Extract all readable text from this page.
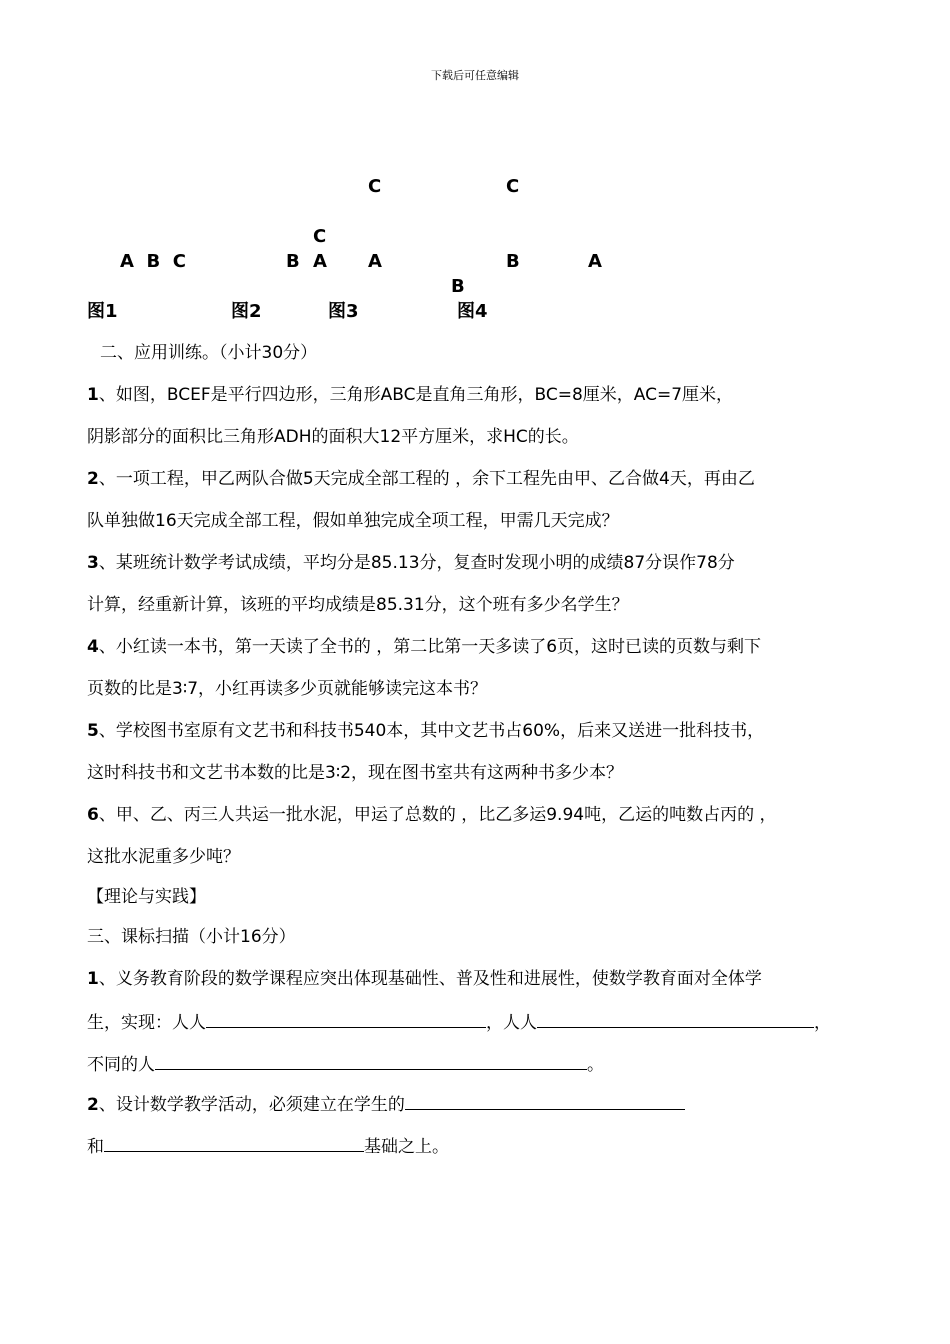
下载后可任意编辑
C	C
C
A  B  C	B A A	B	A
B
图1	图2	图3	图4
二、应用训练。（小计30分）
1、如图，BCEF是平行四边形，三角形ABC是直角三角形，BC=8厘米，AC=7厘米，
阴影部分的面积比三角形ADH的面积大12平方厘米，求HC的长。
2、一项工程，甲乙两队合做5天完成全部工程的 ，余下工程先由甲、乙合做4天，再由乙
队单独做16天完成全部工程，假如单独完成全项工程，甲需几天完成？
3、某班统计数学考试成绩，平均分是85.13分，复查时发现小明的成绩87分误作78分
计算，经重新计算，该班的平均成绩是85.31分，这个班有多少名学生？
4、小红读一本书，第一天读了全书的 ，第二比第一天多读了6页，这时已读的页数与剩下
页数的比是3∶7，小红再读多少页就能够读完这本书？
5、学校图书室原有文艺书和科技书540本，其中文艺书占60%，后来又送进一批科技书，
这时科技书和文艺书本数的比是3∶2，现在图书室共有这两种书多少本？
6、甲、乙、丙三人共运一批水泥，甲运了总数的 ，比乙多运9.94吨，乙运的吨数占丙的 ，
这批水泥重多少吨？
【理论与实践】
三、课标扫描（小计16分）
1、义务教育阶段的数学课程应突出体现基础性、普及性和进展性，使数学教育面对全体学
生，实现：人人	，人人	，
不同的人	。
2、设计数学教学活动，必须建立在学生的
和	基础之上。
